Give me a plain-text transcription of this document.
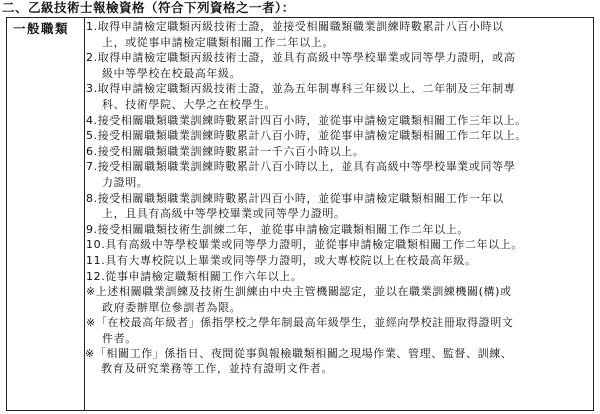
二、乙級技術士報檢資格（符合下列資格之一者）：
一般職類 1.取得申請檢定職類丙級技術士證，並接受相關職類職業訓練時數累計八百小時以
上，或從事申請檢定職類相關工作二年以上。
2.取得申請檢定職類丙級技術士證，並具有高級中等學校畢業或同等學力證明，或高
級中等學校在校最高年級。
3.取得申請檢定職類丙級技術士證，並為五年制專科三年級以上、二年制及三年制專
科、技術學院、大學之在校學生。
4.接受相關職類職業訓練時數累計四百小時，並從事申請檢定職類相關工作三年以上。
5.接受相關職類職業訓練時數累計八百小時，並從事申請檢定職類相關工作二年以上。
6.接受相關職類職業訓練時數累計一千六百小時以上。
7.接受相關職類職業訓練時數累計八百小時以上，並具有高級中等學校畢業或同等學
力證明。
8.接受相關職類職業訓練時數累計四百小時，並從事申請檢定職類相關工作一年以
上，且具有高級中等學校畢業或同等學力證明。
9.接受相關職類技術生訓練二年，並從事申請檢定職類相關工作二年以上。
10.具有高級中等學校畢業或同等學力證明，並從事申請檢定職類相關工作二年以上。
11.具有大專校院以上畢業或同等學力證明，或大專校院以上在校最高年級。
12.從事申請檢定職類相關工作六年以上。
※上述相關職業訓練及技術生訓練由中央主管機關認定，並以在職業訓練機關(構)或
政府委辦單位參訓者為限。
※「在校最高年級者」係指學校之學年制最高年級學生，並經向學校註冊取得證明文
件者。
※「相關工作」係指日、夜間從事與報檢職類相關之現場作業、管理、監督、訓練、
教育及研究業務等工作，並持有證明文件者。
